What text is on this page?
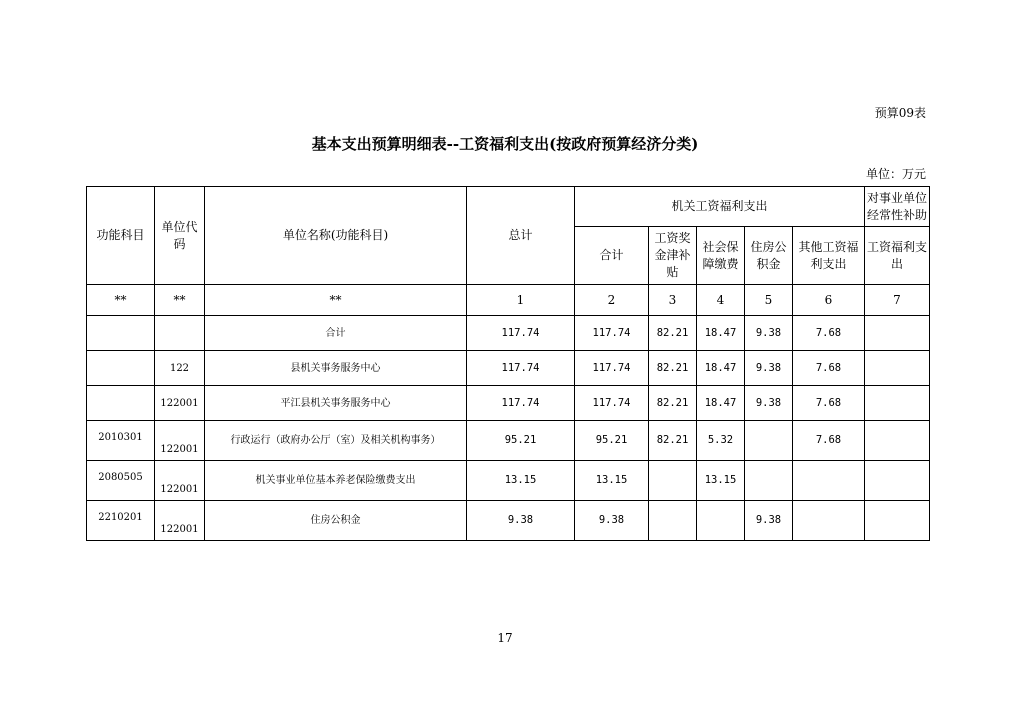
预算09表
基本支出预算明细表--工资福利支出(按政府预算经济分类)
单位：万元
功能科目	单位代码	单位名称(功能科目)	总计	机关工资福利支出					对事业单位经常性补助
				合计	工资奖金津补贴	社会保障缴费	住房公积金	其他工资福利支出	工资福利支出
**	**	**	1	2	3	4	5	6	7
		合计	117.74	117.74	82.21	18.47	9.38	7.68	
	122	县机关事务服务中心	117.74	117.74	82.21	18.47	9.38	7.68	
	122001	平江县机关事务服务中心	117.74	117.74	82.21	18.47	9.38	7.68	
2010301	122001	行政运行（政府办公厅（室）及相关机构事务）	95.21	95.21	82.21	5.32		7.68	
2080505	122001	机关事业单位基本养老保险缴费支出	13.15	13.15		13.15			
2210201	122001	住房公积金	9.38	9.38			9.38		
17
